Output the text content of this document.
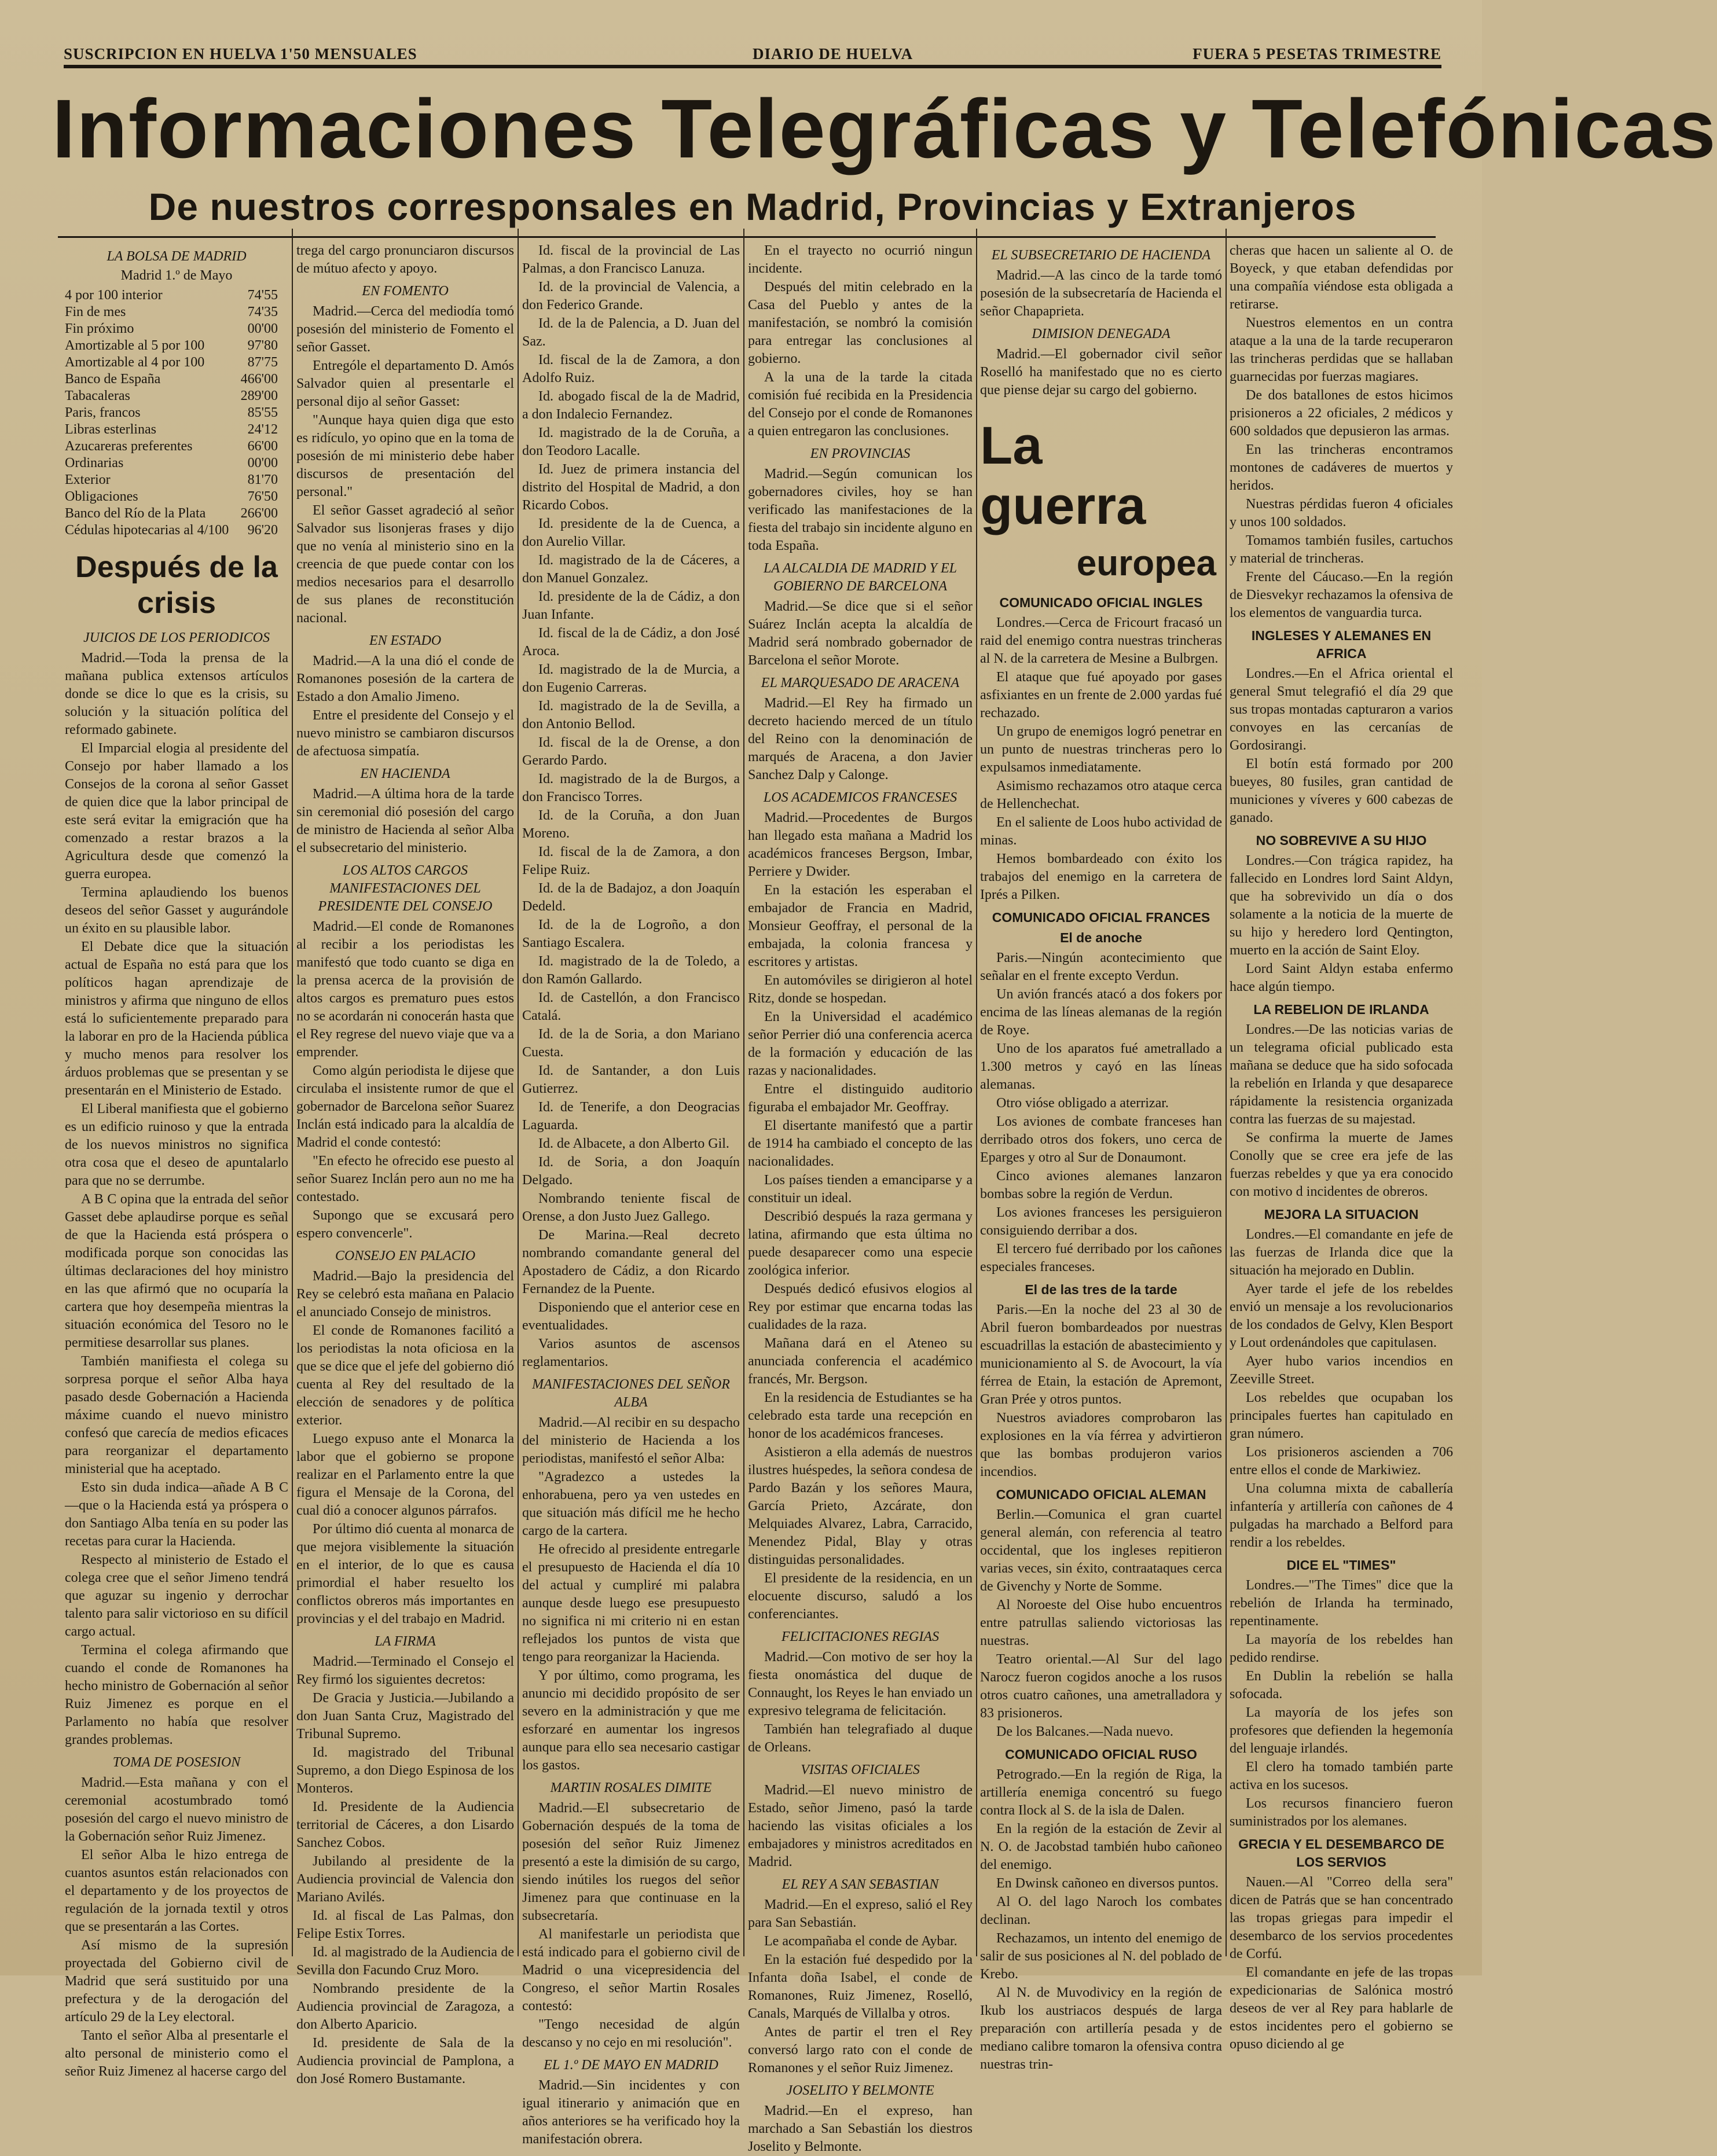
SUSCRIPCION EN HUELVA 1'50 MENSUALES	DIARIO DE HUELVA	FUERA 5 PESETAS TRIMESTRE
Informaciones Telegráficas y Telefónicas
De nuestros corresponsales en Madrid, Provincias y Extranjeros
LA BOLSA DE MADRID
Madrid 1.º de Mayo
4 por 100 interior	74'55
Fin de mes	74'35
Fin próximo	00'00
Amortizable al 5 por 100	97'80
Amortizable al 4 por 100	87'75
Banco de España	466'00
Tabacaleras	289'00
Paris, francos	85'55
Libras esterlinas	24'12
Azucareras preferentes	66'00
Ordinarias	00'00
Exterior	81'70
Obligaciones	76'50
Banco del Río de la Plata	266'00
Cédulas hipotecarias al 4/100 96'20

Después de la crisis

JUICIOS DE LOS PERIODICOS

Madrid.—Toda la prensa de la mañana publica extensos artículos donde se dice lo que es la crisis, su solución y la situación política del reformado gabinete.

El Imparcial elogia al presidente del Consejo por haber llamado a los Consejos de la corona al señor Gasset de quien dice que la labor principal de este será evitar la emigración que ha comenzado a restar brazos a la Agricultura desde que comenzó la guerra europea.

Termina aplaudiendo los buenos deseos del señor Gasset y augurándole un éxito en su plausible labor.

El Debate dice que la situación actual de España no está para que los políticos hagan aprendizaje de ministros y afirma que ninguno de ellos está lo suficientemente preparado para la laborar en pro de la Hacienda pública y mucho menos para resolver los árduos problemas que se presentan y se presentarán en el Ministerio de Estado.

El Liberal manifiesta que el gobierno es un edificio ruinoso y que la entrada de los nuevos ministros no significa otra cosa que el deseo de apuntalarlo para que no se derrumbe.

A B C opina que la entrada del señor Gasset debe aplaudirse porque es señal de que la Hacienda está próspera o modificada porque son conocidas las últimas declaraciones del hoy ministro en las que afirmó que no ocuparía la cartera que hoy desempeña mientras la situación económica del Tesoro no le permitiese desarrollar sus planes.

También manifiesta el colega su sorpresa porque el señor Alba haya pasado desde Gobernación a Hacienda máxime cuando el nuevo ministro confesó que carecía de medios eficaces para reorganizar el departamento ministerial que ha aceptado.

Esto sin duda indica—añade A B C—que o la Hacienda está ya próspera o don Santiago Alba tenía en su poder las recetas para curar la Hacienda.

Respecto al ministerio de Estado el colega cree que el señor Jimeno tendrá que aguzar su ingenio y derrochar talento para salir victorioso en su difícil cargo actual.

Termina el colega afirmando que cuando el conde de Romanones ha hecho ministro de Gobernación al señor Ruiz Jimenez es porque en el Parlamento no había que resolver grandes problemas.

TOMA DE POSESION

Madrid.—Esta mañana y con el ceremonial acostumbrado tomó posesión del cargo el nuevo ministro de la Gobernación señor Ruiz Jimenez.

El señor Alba le hizo entrega de cuantos asuntos están relacionados con el departamento y de los proyectos de regulación de la jornada textil y otros que se presentarán a las Cortes.

Así mismo de la supresión proyectada del Gobierno civil de Madrid que será sustituido por una prefectura y de la derogación del artículo 29 de la Ley electoral.

Tanto el señor Alba al presentarle el alto personal de ministerio como el señor Ruiz Jimenez al hacerse cargo del

trega del cargo pronunciaron discursos de mútuo afecto y apoyo.

EN FOMENTO

Madrid.—Cerca del mediodía tomó posesión del ministerio de Fomento el señor Gasset.

Entrególe el departamento D. Amós Salvador quien al presentarle el personal dijo al señor Gasset:

"Aunque haya quien diga que esto es ridículo, yo opino que en la toma de posesión de mi ministerio debe haber discursos de presentación del personal."

El señor Gasset agradeció al señor Salvador sus lisonjeras frases y dijo que no venía al ministerio sino en la creencia de que puede contar con los medios necesarios para el desarrollo de sus planes de reconstitución nacional.

EN ESTADO

Madrid.—A la una dió el conde de Romanones posesión de la cartera de Estado a don Amalio Jimeno.

Entre el presidente del Consejo y el nuevo ministro se cambiaron discursos de afectuosa simpatía.

EN HACIENDA

Madrid.—A última hora de la tarde sin ceremonial dió posesión del cargo de ministro de Hacienda al señor Alba el subsecretario del ministerio.

LOS ALTOS CARGOS MANIFESTACIONES DEL PRESIDENTE DEL CONSEJO

Madrid.—El conde de Romanones al recibir a los periodistas les manifestó que todo cuanto se diga en la prensa acerca de la provisión de altos cargos es prematuro pues estos no se acordarán ni conocerán hasta que el Rey regrese del nuevo viaje que va a emprender.

Como algún periodista le dijese que circulaba el insistente rumor de que el gobernador de Barcelona señor Suarez Inclán está indicado para la alcaldía de Madrid el conde contestó:

"En efecto he ofrecido ese puesto al señor Suarez Inclán pero aun no me ha contestado.

Supongo que se excusará pero espero convencerle".

CONSEJO EN PALACIO

Madrid.—Bajo la presidencia del Rey se celebró esta mañana en Palacio el anunciado Consejo de ministros.

El conde de Romanones facilitó a los periodistas la nota oficiosa en la que se dice que el jefe del gobierno dió cuenta al Rey del resultado de la elección de senadores y de política exterior.

Luego expuso ante el Monarca la labor que el gobierno se propone realizar en el Parlamento entre la que figura el Mensaje de la Corona, del cual dió a conocer algunos párrafos.

Por último dió cuenta al monarca de que mejora visiblemente la situación en el interior, de lo que es causa primordial el haber resuelto los conflictos obreros más importantes en provincias y el del trabajo en Madrid.

LA FIRMA

Madrid.—Terminado el Consejo el Rey firmó los siguientes decretos:

De Gracia y Justicia.—Jubilando a don Juan Santa Cruz, Magistrado del Tribunal Supremo.

Id. magistrado del Tribunal Supremo, a don Diego Espinosa de los Monteros.

Id. Presidente de la Audiencia territorial de Cáceres, a don Lisardo Sanchez Cobos.

Jubilando al presidente de la Audiencia provincial de Valencia don Mariano Avilés.

Id. al fiscal de Las Palmas, don Felipe Estix Torres.

Id. al magistrado de la Audiencia de Sevilla don Facundo Cruz Moro.

Nombrando presidente de la Audiencia provincial de Zaragoza, a don Alberto Aparicio.

Id. presidente de Sala de la Audiencia provincial de Pamplona, a don José Romero Bustamante.

Id. fiscal de la provincial de Las Palmas, a don Francisco Lanuza.

Id. de la provincial de Valencia, a don Federico Grande.

Id. de la de Palencia, a D. Juan del Saz.

Id. fiscal de la de Zamora, a don Adolfo Ruiz.

Id. abogado fiscal de la de Madrid, a don Indalecio Fernandez.

Id. magistrado de la de Coruña, a don Teodoro Lacalle.

Id. Juez de primera instancia del distrito del Hospital de Madrid, a don Ricardo Cobos.

Id. presidente de la de Cuenca, a don Aurelio Villar.

Id. magistrado de la de Cáceres, a don Manuel Gonzalez.

Id. presidente de la de Cádiz, a don Juan Infante.

Id. fiscal de la de Cádiz, a don José Aroca.

Id. magistrado de la de Murcia, a don Eugenio Carreras.

Id. magistrado de la de Sevilla, a don Antonio Bellod.

Id. fiscal de la de Orense, a don Gerardo Pardo.

Id. magistrado de la de Burgos, a don Francisco Torres.

Id. de la Coruña, a don Juan Moreno.

Id. fiscal de la de Zamora, a don Felipe Ruiz.

Id. de la de Badajoz, a don Joaquín Dedeld.

Id. de la de Logroño, a don Santiago Escalera.

Id. magistrado de la de Toledo, a don Ramón Gallardo.

Id. de Castellón, a don Francisco Catalá.

Id. de la de Soria, a don Mariano Cuesta.

Id. de Santander, a don Luis Gutierrez.

Id. de Tenerife, a don Deogracias Laguarda.

Id. de Albacete, a don Alberto Gil.

Id. de Soria, a don Joaquín Delgado.

Nombrando teniente fiscal de Orense, a don Justo Juez Gallego.

De Marina.—Real decreto nombrando comandante general del Apostadero de Cádiz, a don Ricardo Fernandez de la Puente.

Disponiendo que el anterior cese en eventualidades.

Varios asuntos de ascensos reglamentarios.

MANIFESTACIONES DEL SEÑOR ALBA

Madrid.—Al recibir en su despacho del ministerio de Hacienda a los periodistas, manifestó el señor Alba:

"Agradezco a ustedes la enhorabuena, pero ya ven ustedes en que situación más difícil me he hecho cargo de la cartera.

He ofrecido al presidente entregarle el presupuesto de Hacienda el día 10 del actual y cumpliré mi palabra aunque desde luego ese presupuesto no significa ni mi criterio ni en estan reflejados los puntos de vista que tengo para reorganizar la Hacienda.

Y por último, como programa, les anuncio mi decidido propósito de ser severo en la administración y que me esforzaré en aumentar los ingresos aunque para ello sea necesario castigar los gastos.

MARTIN ROSALES DIMITE

Madrid.—El subsecretario de Gobernación después de la toma de posesión del señor Ruiz Jimenez presentó a este la dimisión de su cargo, siendo inútiles los ruegos del señor Jimenez para que continuase en la subsecretaría.

Al manifestarle un periodista que está indicado para el gobierno civil de Madrid o una vicepresidencia del Congreso, el señor Martin Rosales contestó:

"Tengo necesidad de algún descanso y no cejo en mi resolución".

EL 1.º DE MAYO EN MADRID

Madrid.—Sin incidentes y con igual itinerario y animación que en años anteriores se ha verificado hoy la manifestación obrera.

En el trayecto no ocurrió ningun incidente.

Después del mitin celebrado en la Casa del Pueblo y antes de la manifestación, se nombró la comisión para entregar las conclusiones al gobierno.

A la una de la tarde la citada comisión fué recibida en la Presidencia del Consejo por el conde de Romanones a quien entregaron las conclusiones.

EN PROVINCIAS

Madrid.—Según comunican los gobernadores civiles, hoy se han verificado las manifestaciones de la fiesta del trabajo sin incidente alguno en toda España.

LA ALCALDIA DE MADRID Y EL GOBIERNO DE BARCELONA

Madrid.—Se dice que si el señor Suárez Inclán acepta la alcaldía de Madrid será nombrado gobernador de Barcelona el señor Morote.

EL MARQUESADO DE ARACENA

Madrid.—El Rey ha firmado un decreto haciendo merced de un título del Reino con la denominación de marqués de Aracena, a don Javier Sanchez Dalp y Calonge.

LOS ACADEMICOS FRANCESES

Madrid.—Procedentes de Burgos han llegado esta mañana a Madrid los académicos franceses Bergson, Imbar, Perriere y Dwider.

En la estación les esperaban el embajador de Francia en Madrid, Monsieur Geoffray, el personal de la embajada, la colonia francesa y escritores y artistas.

En automóviles se dirigieron al hotel Ritz, donde se hospedan.

En la Universidad el académico señor Perrier dió una conferencia acerca de la formación y educación de las razas y nacionalidades.

Entre el distinguido auditorio figuraba el embajador Mr. Geoffray.

El disertante manifestó que a partir de 1914 ha cambiado el concepto de las nacionalidades.

Los países tienden a emanciparse y a constituir un ideal.

Describió después la raza germana y latina, afirmando que esta última no puede desaparecer como una especie zoológica inferior.

Después dedicó efusivos elogios al Rey por estimar que encarna todas las cualidades de la raza.

Mañana dará en el Ateneo su anunciada conferencia el académico francés, Mr. Bergson.

En la residencia de Estudiantes se ha celebrado esta tarde una recepción en honor de los académicos franceses.

Asistieron a ella además de nuestros ilustres huéspedes, la señora condesa de Pardo Bazán y los señores Maura, García Prieto, Azcárate, don Melquiades Alvarez, Labra, Carracido, Menendez Pidal, Blay y otras distinguidas personalidades.

El presidente de la residencia, en un elocuente discurso, saludó a los conferenciantes.

FELICITACIONES REGIAS

Madrid.—Con motivo de ser hoy la fiesta onomástica del duque de Connaught, los Reyes le han enviado un expresivo telegrama de felicitación.

También han telegrafiado al duque de Orleans.

VISITAS OFICIALES

Madrid.—El nuevo ministro de Estado, señor Jimeno, pasó la tarde haciendo las visitas oficiales a los embajadores y ministros acreditados en Madrid.

EL REY A SAN SEBASTIAN

Madrid.—En el expreso, salió el Rey para San Sebastián.

Le acompañaba el conde de Aybar.

En la estación fué despedido por la Infanta doña Isabel, el conde de Romanones, Ruiz Jimenez, Roselló, Canals, Marqués de Villalba y otros.

Antes de partir el tren el Rey conversó largo rato con el conde de Romanones y el señor Ruiz Jimenez.

JOSELITO Y BELMONTE

Madrid.—En el expreso, han marchado a San Sebastián los diestros Joselito y Belmonte.

EL SUBSECRETARIO DE HACIENDA

Madrid.—A las cinco de la tarde tomó posesión de la subsecretaría de Hacienda el señor Chapaprieta.

DIMISION DENEGADA

Madrid.—El gobernador civil señor Roselló ha manifestado que no es cierto que piense dejar su cargo del gobierno.

La guerra

europea

COMUNICADO OFICIAL INGLES

Londres.—Cerca de Fricourt fracasó un raid del enemigo contra nuestras trincheras al N. de la carretera de Mesine a Bulbrgen.

El ataque que fué apoyado por gases asfixiantes en un frente de 2.000 yardas fué rechazado.

Un grupo de enemigos logró penetrar en un punto de nuestras trincheras pero lo expulsamos inmediatamente.

Asimismo rechazamos otro ataque cerca de Hellenchechat.

En el saliente de Loos hubo actividad de minas.

Hemos bombardeado con éxito los trabajos del enemigo en la carretera de Iprés a Pilken.

COMUNICADO OFICIAL FRANCES

El de anoche

Paris.—Ningún acontecimiento que señalar en el frente excepto Verdun.

Un avión francés atacó a dos fokers por encima de las líneas alemanas de la región de Roye.

Uno de los aparatos fué ametrallado a 1.300 metros y cayó en las líneas alemanas.

Otro vióse obligado a aterrizar.

Los aviones de combate franceses han derribado otros dos fokers, uno cerca de Eparges y otro al Sur de Donaumont.

Cinco aviones alemanes lanzaron bombas sobre la región de Verdun.

Los aviones franceses les persiguieron consiguiendo derribar a dos.

El tercero fué derribado por los cañones especiales franceses.

El de las tres de la tarde

Paris.—En la noche del 23 al 30 de Abril fueron bombardeados por nuestras escuadrillas la estación de abastecimiento y municionamiento al S. de Avocourt, la vía férrea de Etain, la estación de Apremont, Gran Prée y otros puntos.

Nuestros aviadores comprobaron las explosiones en la vía férrea y advirtieron que las bombas produjeron varios incendios.

COMUNICADO OFICIAL ALEMAN

Berlin.—Comunica el gran cuartel general alemán, con referencia al teatro occidental, que los ingleses repitieron varias veces, sin éxito, contraataques cerca de Givenchy y Norte de Somme.

Al Noroeste del Oise hubo encuentros entre patrullas saliendo victoriosas las nuestras.

Teatro oriental.—Al Sur del lago Narocz fueron cogidos anoche a los rusos otros cuatro cañones, una ametralladora y 83 prisioneros.

De los Balcanes.—Nada nuevo.

COMUNICADO OFICIAL RUSO

Petrogrado.—En la región de Riga, la artillería enemiga concentró su fuego contra Ilock al S. de la isla de Dalen.

En la región de la estación de Zevir al N. O. de Jacobstad también hubo cañoneo del enemigo.

En Dwinsk cañoneo en diversos puntos.

Al O. del lago Naroch los combates declinan.

Rechazamos, un intento del enemigo de salir de sus posiciones al N. del poblado de Krebo.

Al N. de Muvodivicy en la región de Ikub los austriacos después de larga preparación con artillería pesada y de mediano calibre tomaron la ofensiva contra nuestras trin-

cheras que hacen un saliente al O. de Boyeck, y que etaban defendidas por una compañía viéndose esta obligada a retirarse.

Nuestros elementos en un contra ataque a la una de la tarde recuperaron las trincheras perdidas que se hallaban guarnecidas por fuerzas magiares.

De dos batallones de estos hicimos prisioneros a 22 oficiales, 2 médicos y 600 soldados que depusieron las armas.

En las trincheras encontramos montones de cadáveres de muertos y heridos.

Nuestras pérdidas fueron 4 oficiales y unos 100 soldados.

Tomamos también fusiles, cartuchos y material de trincheras.

Frente del Cáucaso.—En la región de Diesvekyr rechazamos la ofensiva de los elementos de vanguardia turca.

INGLESES Y ALEMANES EN AFRICA

Londres.—En el Africa oriental el general Smut telegrafió el día 29 que sus tropas montadas capturaron a varios convoyes en las cercanías de Gordosirangi.

El botín está formado por 200 bueyes, 80 fusiles, gran cantidad de municiones y víveres y 600 cabezas de ganado.

NO SOBREVIVE A SU HIJO

Londres.—Con trágica rapidez, ha fallecido en Londres lord Saint Aldyn, que ha sobrevivido un día o dos solamente a la noticia de la muerte de su hijo y heredero lord Qentington, muerto en la acción de Saint Eloy.

Lord Saint Aldyn estaba enfermo hace algún tiempo.

LA REBELION DE IRLANDA

Londres.—De las noticias varias de un telegrama oficial publicado esta mañana se deduce que ha sido sofocada la rebelión en Irlanda y que desaparece rápidamente la resistencia organizada contra las fuerzas de su majestad.

Se confirma la muerte de James Conolly que se cree era jefe de las fuerzas rebeldes y que ya era conocido con motivo d incidentes de obreros.

MEJORA LA SITUACION

Londres.—El comandante en jefe de las fuerzas de Irlanda dice que la situación ha mejorado en Dublin.

Ayer tarde el jefe de los rebeldes envió un mensaje a los revolucionarios de los condados de Gelvy, Klen Besport y Lout ordenándoles que capitulasen.

Ayer hubo varios incendios en Zeeville Street.

Los rebeldes que ocupaban los principales fuertes han capitulado en gran número.

Los prisioneros ascienden a 706 entre ellos el conde de Markiwiez.

Una columna mixta de caballería infantería y artillería con cañones de 4 pulgadas ha marchado a Belford para rendir a los rebeldes.

DICE EL "TIMES"

Londres.—"The Times" dice que la rebelión de Irlanda ha terminado, repentinamente.

La mayoría de los rebeldes han pedido rendirse.

En Dublin la rebelión se halla sofocada.

La mayoría de los jefes son profesores que defienden la hegemonía del lenguaje irlandés.

El clero ha tomado también parte activa en los sucesos.

Los recursos financiero fueron suministrados por los alemanes.

GRECIA Y EL DESEMBARCO DE LOS SERVIOS

Nauen.—Al "Correo della sera" dicen de Patrás que se han concentrado las tropas griegas para impedir el desembarco de los servios procedentes de Corfú.

El comandante en jefe de las tropas expedicionarias de Salónica mostró deseos de ver al Rey para hablarle de estos incidentes pero el gobierno se opuso diciendo al ge
